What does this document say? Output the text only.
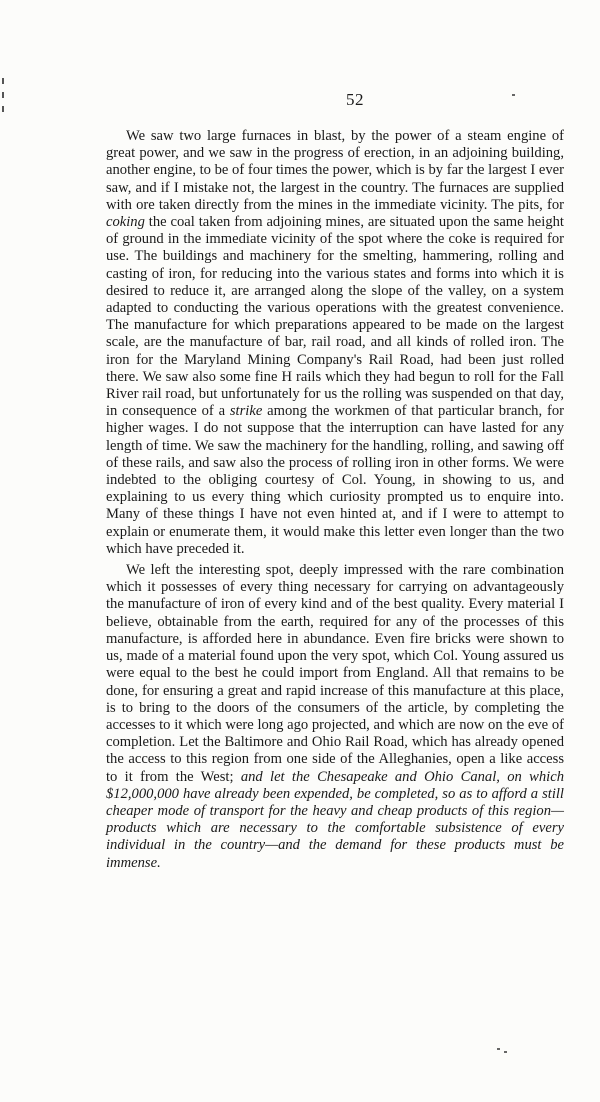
52

We saw two large furnaces in blast, by the power of a steam engine of great power, and we saw in the progress of erection, in an adjoining building, another engine, to be of four times the power, which is by far the largest I ever saw, and if I mistake not, the largest in the country. The furnaces are supplied with ore taken directly from the mines in the immediate vicinity. The pits, for coking the coal taken from adjoining mines, are situated upon the same height of ground in the immediate vicinity of the spot where the coke is required for use. The buildings and machinery for the smelting, hammering, rolling and casting of iron, for reducing into the various states and forms into which it is desired to reduce it, are arranged along the slope of the valley, on a system adapted to conducting the various operations with the greatest convenience. The manufacture for which preparations appeared to be made on the largest scale, are the manufacture of bar, rail road, and all kinds of rolled iron. The iron for the Maryland Mining Company's Rail Road, had been just rolled there. We saw also some fine H rails which they had begun to roll for the Fall River rail road, but unfortunately for us the rolling was suspended on that day, in consequence of a strike among the workmen of that particular branch, for higher wages. I do not suppose that the interruption can have lasted for any length of time. We saw the machinery for the handling, rolling, and sawing off of these rails, and saw also the process of rolling iron in other forms. We were indebted to the obliging courtesy of Col. Young, in showing to us, and explaining to us every thing which curiosity prompted us to enquire into. Many of these things I have not even hinted at, and if I were to attempt to explain or enumerate them, it would make this letter even longer than the two which have preceded it.

We left the interesting spot, deeply impressed with the rare combination which it possesses of every thing necessary for carrying on advantageously the manufacture of iron of every kind and of the best quality. Every material I believe, obtainable from the earth, required for any of the processes of this manufacture, is afforded here in abundance. Even fire bricks were shown to us, made of a material found upon the very spot, which Col. Young assured us were equal to the best he could import from England. All that remains to be done, for ensuring a great and rapid increase of this manufacture at this place, is to bring to the doors of the consumers of the article, by completing the accesses to it which were long ago projected, and which are now on the eve of completion. Let the Baltimore and Ohio Rail Road, which has already opened the access to this region from one side of the Alleghanies, open a like access to it from the West; and let the Chesapeake and Ohio Canal, on which $12,000,000 have already been expended, be completed, so as to afford a still cheaper mode of transport for the heavy and cheap products of this region—products which are necessary to the comfortable subsistence of every individual in the country—and the demand for these products must be immense.
